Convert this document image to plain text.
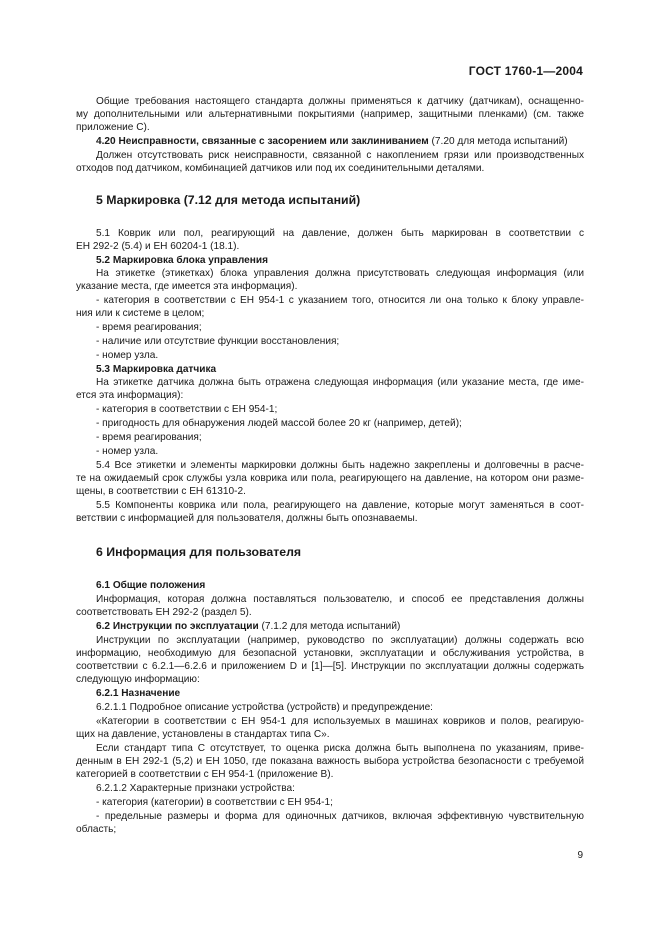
ГОСТ 1760-1—2004
Общие требования настоящего стандарта должны применяться к датчику (датчикам), оснащенно-
му дополнительными или альтернативными покрытиями (например, защитными пленками) (см. также
приложение С).
4.20 Неисправности, связанные с засорением или заклиниванием (7.20 для метода испытаний)
Должен отсутствовать риск неисправности, связанной с накоплением грязи или производственных
отходов под датчиком, комбинацией датчиков или под их соединительными деталями.
5 Маркировка (7.12 для метода испытаний)
5.1 Коврик или пол, реагирующий на давление, должен быть маркирован в соответствии с
ЕН 292-2 (5.4) и ЕН 60204-1 (18.1).
5.2 Маркировка блока управления
На этикетке (этикетках) блока управления должна присутствовать следующая информация (или
указание места, где имеется эта информация).
- категория в соответствии с ЕН 954-1 с указанием того, относится ли она только к блоку управле-
ния или к системе в целом;
- время реагирования;
- наличие или отсутствие функции восстановления;
- номер узла.
5.3 Маркировка датчика
На этикетке датчика должна быть отражена следующая информация (или указание места, где име-
ется эта информация):
- категория в соответствии с ЕН 954-1;
- пригодность для обнаружения людей массой более 20 кг (например, детей);
- время реагирования;
- номер узла.
5.4 Все этикетки и элементы маркировки должны быть надежно закреплены и долговечны в расче-
те на ожидаемый срок службы узла коврика или пола, реагирующего на давление, на котором они разме-
щены, в соответствии с ЕН 61310-2.
5.5 Компоненты коврика или пола, реагирующего на давление, которые могут заменяться в соот-
ветствии с информацией для пользователя, должны быть опознаваемы.
6 Информация для пользователя
6.1 Общие положения
Информация, которая должна поставляться пользователю, и способ ее представления должны
соответствовать ЕН 292-2 (раздел 5).
6.2 Инструкции по эксплуатации (7.1.2 для метода испытаний)
Инструкции по эксплуатации (например, руководство по эксплуатации) должны содержать всю
информацию, необходимую для безопасной установки, эксплуатации и обслуживания устройства, в
соответствии с 6.2.1—6.2.6 и приложением D и [1]—[5]. Инструкции по эксплуатации должны содержать
следующую информацию:
6.2.1 Назначение
6.2.1.1 Подробное описание устройства (устройств) и предупреждение:
«Категории в соответствии с ЕН 954-1 для используемых в машинах ковриков и полов, реагирую-
щих на давление, установлены в стандартах типа С».
Если стандарт типа С отсутствует, то оценка риска должна быть выполнена по указаниям, приве-
денным в ЕН 292-1 (5,2) и ЕН 1050, где показана важность выбора устройства безопасности с требуемой
категорией в соответствии с ЕН 954-1 (приложение В).
6.2.1.2 Характерные признаки устройства:
- категория (категории) в соответствии с ЕН 954-1;
- предельные размеры и форма для одиночных датчиков, включая эффективную чувствительную
область;
9
